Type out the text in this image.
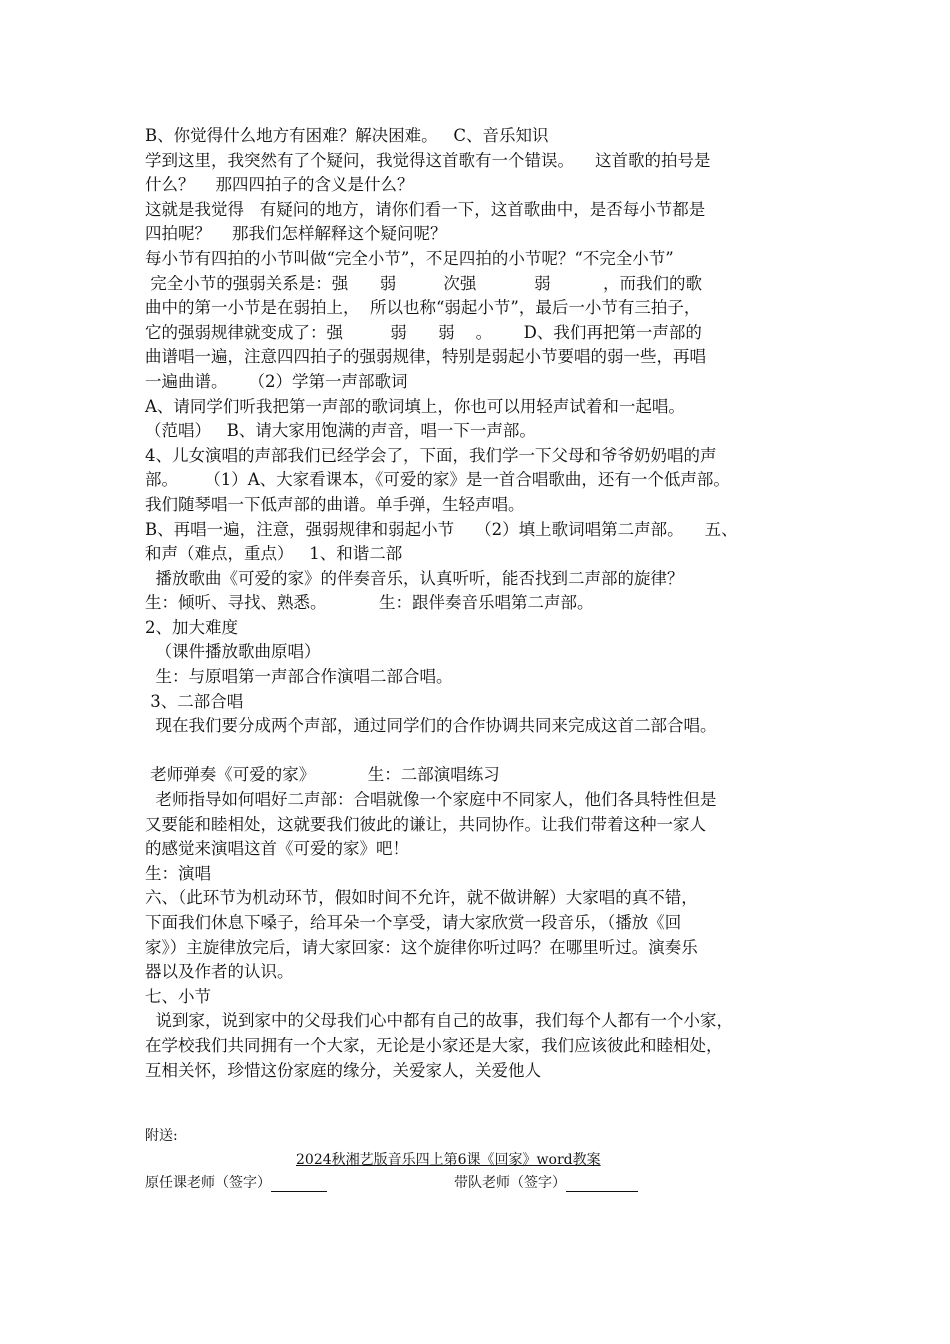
B、你觉得什么地方有困难？解决困难。   C、音乐知识
学到这里，我突然有了个疑问，我觉得这首歌有一个错误。    这首歌的拍号是
什么？    那四四拍子的含义是什么？
这就是我觉得   有疑问的地方，请你们看一下，这首歌曲中，是否每小节都是
四拍呢？    那我们怎样解释这个疑问呢？
每小节有四拍的小节叫做“完全小节”，不足四拍的小节呢？“不完全小节”
完全小节的强弱关系是：强      弱         次强           弱          ，而我们的歌
曲中的第一小节是在弱拍上，  所以也称“弱起小节”，最后一小节有三拍子，
它的强弱规律就变成了：强         弱      弱    。      D、我们再把第一声部的
曲谱唱一遍，注意四四拍子的强弱规律，特别是弱起小节要唱的弱一些，再唱
一遍曲谱。    （2）学第一声部歌词
A、请同学们听我把第一声部的歌词填上，你也可以用轻声试着和一起唱。
（范唱）   B、请大家用饱满的声音，唱一下一声部。
4、儿女演唱的声部我们已经学会了，下面，我们学一下父母和爷爷奶奶唱的声
部。     （1）A、大家看课本，《可爱的家》是一首合唱歌曲，还有一个低声部。
我们随琴唱一下低声部的曲谱。单手弹，生轻声唱。
B、再唱一遍，注意，强弱规律和弱起小节    （2）填上歌词唱第二声部。    五、
和声（难点，重点）   1、和谐二部
播放歌曲《可爱的家》的伴奏音乐，认真听听，能否找到二声部的旋律？
生：倾听、寻找、熟悉。          生：跟伴奏音乐唱第二声部。
2、加大难度
（课件播放歌曲原唱）
生：与原唱第一声部合作演唱二部合唱。
3、二部合唱
现在我们要分成两个声部，通过同学们的合作协调共同来完成这首二部合唱。
老师弹奏《可爱的家》          生：二部演唱练习
老师指导如何唱好二声部：合唱就像一个家庭中不同家人，他们各具特性但是
又要能和睦相处，这就要我们彼此的谦让，共同协作。让我们带着这种一家人
的感觉来演唱这首《可爱的家》吧！
生：演唱
六、（此环节为机动环节，假如时间不允许，就不做讲解）大家唱的真不错，
下面我们休息下嗓子，给耳朵一个享受，请大家欣赏一段音乐，（播放《回
家》）主旋律放完后，请大家回家：这个旋律你听过吗？在哪里听过。演奏乐
器以及作者的认识。
七、小节
说到家，说到家中的父母我们心中都有自己的故事，我们每个人都有一个小家，
在学校我们共同拥有一个大家，无论是小家还是大家，我们应该彼此和睦相处，
互相关怀，珍惜这份家庭的缘分，关爱家人，关爱他人
附送:
2024秋湘艺版音乐四上第6课《回家》word教案
原任课老师（签字）	带队老师（签字）
